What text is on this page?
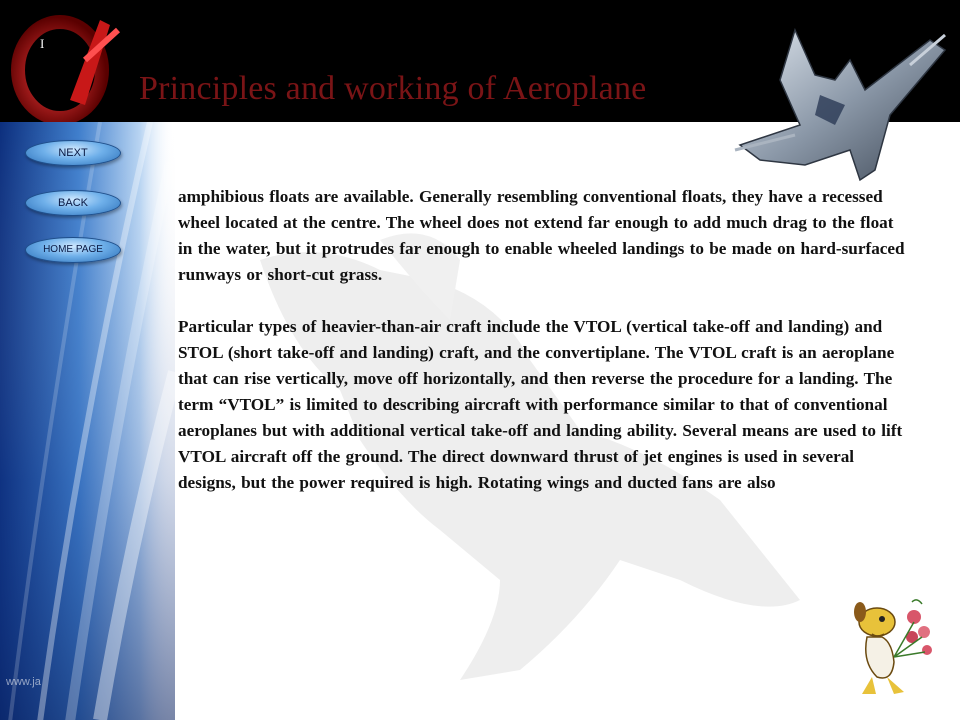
I
Principles and working of Aeroplane
NEXT
BACK
HOME PAGE

amphibious floats are available. Generally resembling conventional floats, they have a recessed wheel located at the centre. The wheel does not extend far enough to add much drag to the float in the water, but it protrudes far enough to enable wheeled landings to be made on hard-surfaced runways or short-cut grass.

Particular types of heavier-than-air craft include the VTOL (vertical take-off and landing) and STOL (short take-off and landing) craft, and the convertiplane. The VTOL craft is an aeroplane that can rise vertically, move off horizontally, and then reverse the procedure for a landing. The term “VTOL” is limited to describing aircraft with performance similar to that of conventional aeroplanes but with additional vertical take-off and landing ability. Several means are used to lift VTOL aircraft off the ground. The direct downward thrust of jet engines is used in several designs, but the power required is high. Rotating wings and ducted fans are also

www.ja
